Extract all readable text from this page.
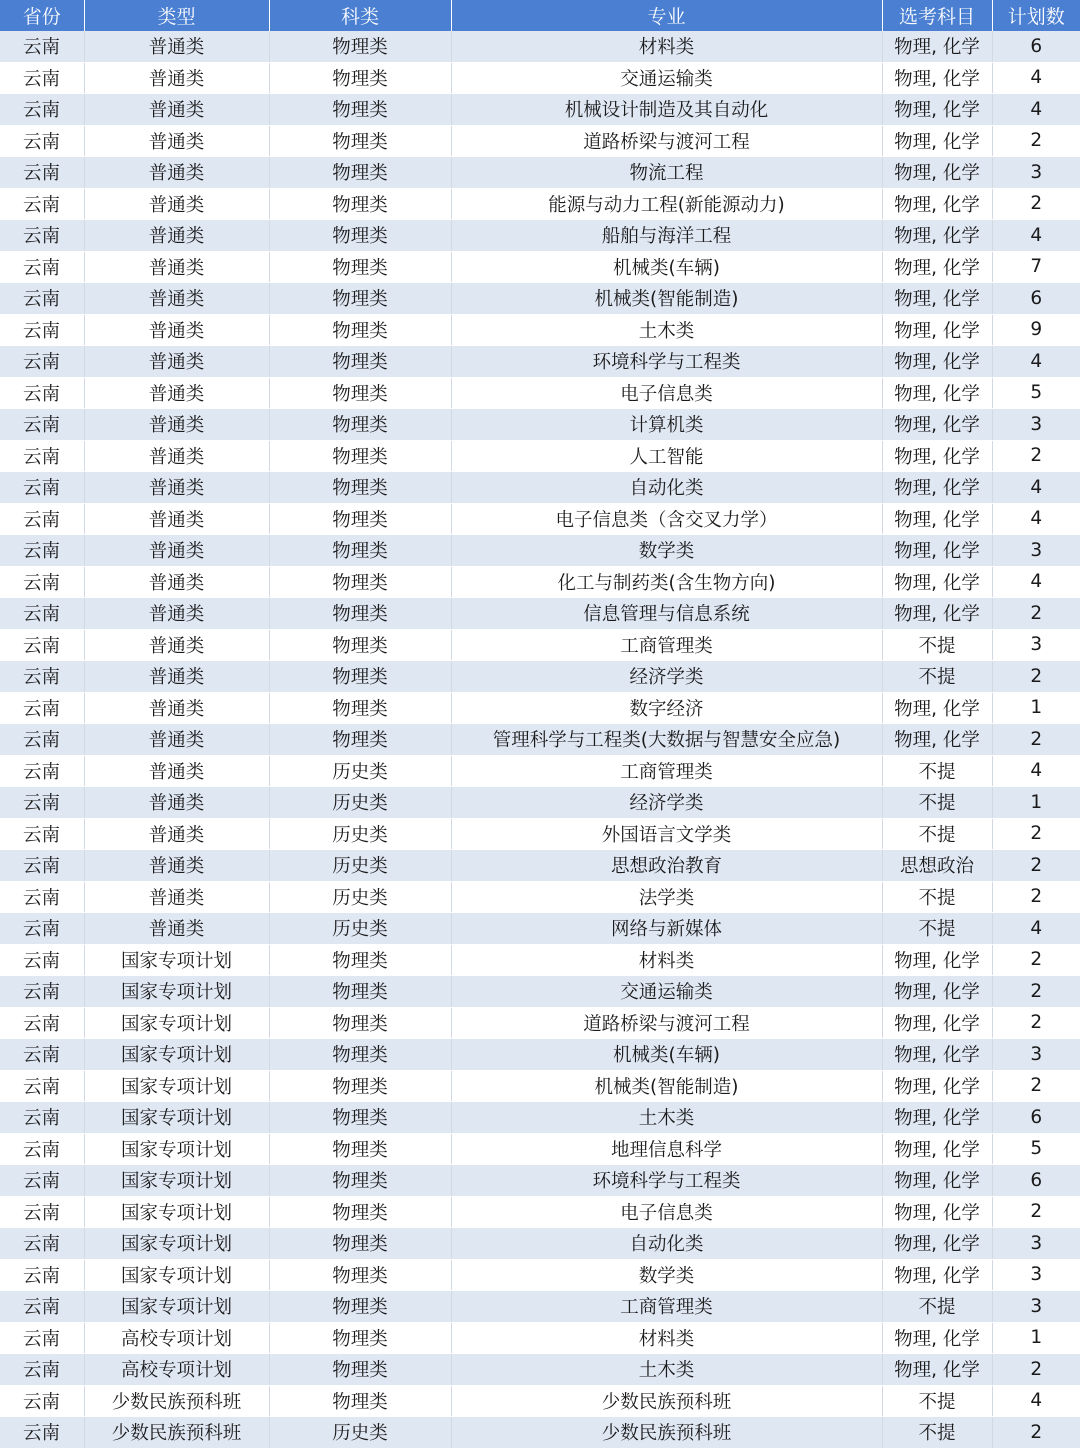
省份	类型	科类	专业	选考科目	计划数
云南	普通类	物理类	材料类	物理, 化学	6
云南	普通类	物理类	交通运输类	物理, 化学	4
云南	普通类	物理类	机械设计制造及其自动化	物理, 化学	4
云南	普通类	物理类	道路桥梁与渡河工程	物理, 化学	2
云南	普通类	物理类	物流工程	物理, 化学	3
云南	普通类	物理类	能源与动力工程(新能源动力)	物理, 化学	2
云南	普通类	物理类	船舶与海洋工程	物理, 化学	4
云南	普通类	物理类	机械类(车辆)	物理, 化学	7
云南	普通类	物理类	机械类(智能制造)	物理, 化学	6
云南	普通类	物理类	土木类	物理, 化学	9
云南	普通类	物理类	环境科学与工程类	物理, 化学	4
云南	普通类	物理类	电子信息类	物理, 化学	5
云南	普通类	物理类	计算机类	物理, 化学	3
云南	普通类	物理类	人工智能	物理, 化学	2
云南	普通类	物理类	自动化类	物理, 化学	4
云南	普通类	物理类	电子信息类（含交叉力学）	物理, 化学	4
云南	普通类	物理类	数学类	物理, 化学	3
云南	普通类	物理类	化工与制药类(含生物方向)	物理, 化学	4
云南	普通类	物理类	信息管理与信息系统	物理, 化学	2
云南	普通类	物理类	工商管理类	不提	3
云南	普通类	物理类	经济学类	不提	2
云南	普通类	物理类	数字经济	物理, 化学	1
云南	普通类	物理类	管理科学与工程类(大数据与智慧安全应急)	物理, 化学	2
云南	普通类	历史类	工商管理类	不提	4
云南	普通类	历史类	经济学类	不提	1
云南	普通类	历史类	外国语言文学类	不提	2
云南	普通类	历史类	思想政治教育	思想政治	2
云南	普通类	历史类	法学类	不提	2
云南	普通类	历史类	网络与新媒体	不提	4
云南	国家专项计划	物理类	材料类	物理, 化学	2
云南	国家专项计划	物理类	交通运输类	物理, 化学	2
云南	国家专项计划	物理类	道路桥梁与渡河工程	物理, 化学	2
云南	国家专项计划	物理类	机械类(车辆)	物理, 化学	3
云南	国家专项计划	物理类	机械类(智能制造)	物理, 化学	2
云南	国家专项计划	物理类	土木类	物理, 化学	6
云南	国家专项计划	物理类	地理信息科学	物理, 化学	5
云南	国家专项计划	物理类	环境科学与工程类	物理, 化学	6
云南	国家专项计划	物理类	电子信息类	物理, 化学	2
云南	国家专项计划	物理类	自动化类	物理, 化学	3
云南	国家专项计划	物理类	数学类	物理, 化学	3
云南	国家专项计划	物理类	工商管理类	不提	3
云南	高校专项计划	物理类	材料类	物理, 化学	1
云南	高校专项计划	物理类	土木类	物理, 化学	2
云南	少数民族预科班	物理类	少数民族预科班	不提	4
云南	少数民族预科班	历史类	少数民族预科班	不提	2
